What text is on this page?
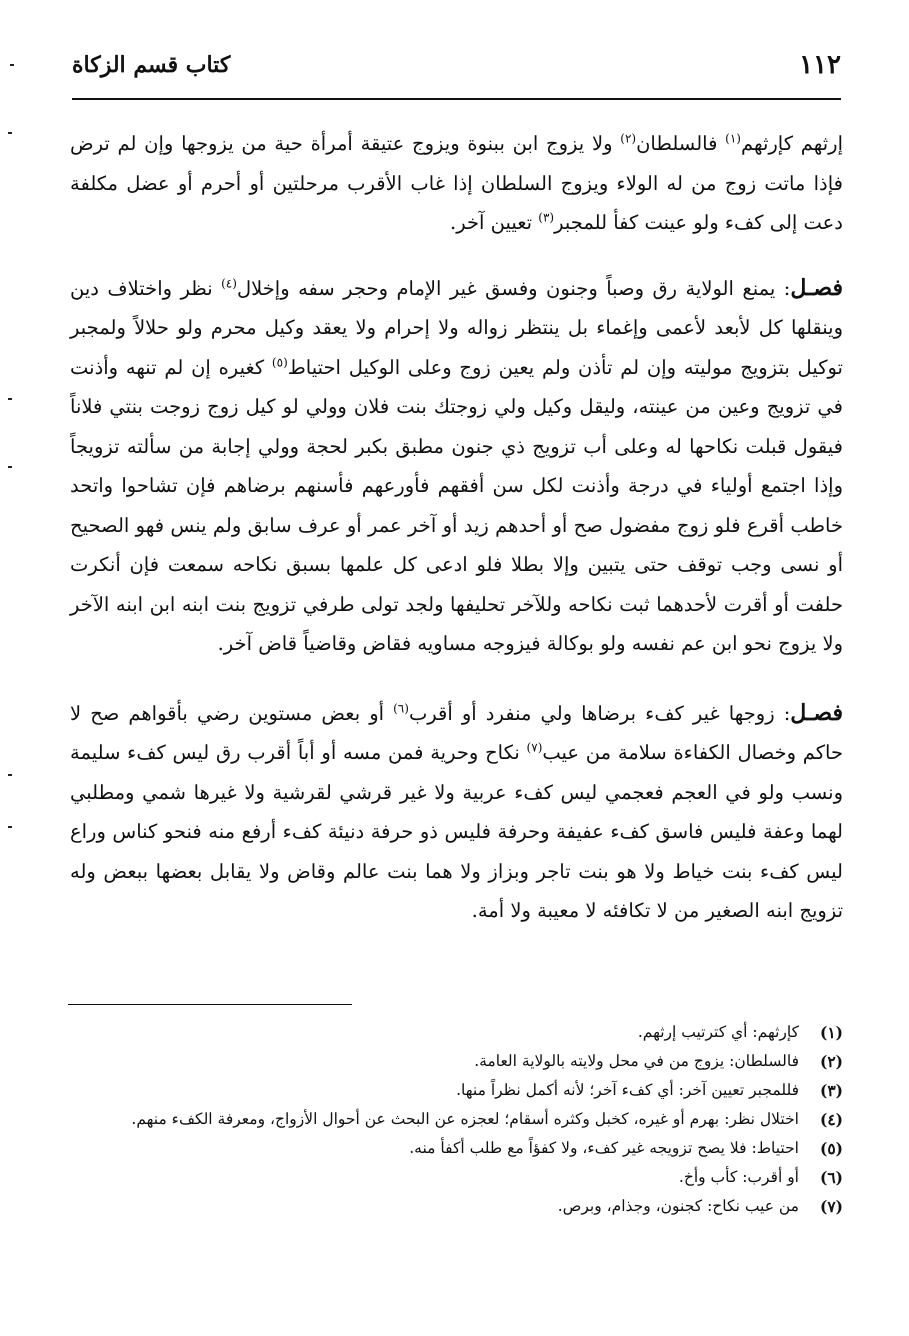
١١٢
كتاب قسم الزكاة

إرثهم كإرثهم$^{(١)}$ فالسلطان$^{(٢)}$ ولا يزوج ابن ببنوة ويزوج عتيقة أمرأة حية من يزوجها وإن لم ترض فإذا ماتت زوج من له الولاء ويزوج السلطان إذا غاب الأقرب مرحلتين أو أحرم أو عضل مكلفة دعت إلى كفء ولو عينت كفأ للمجبر$^{(٣)}$ تعيين آخر.

فصـل: يمنع الولاية رق وصباً وجنون وفسق غير الإمام وحجر سفه وإخلال$^{(٤)}$ نظر واختلاف دين وينقلها كل لأبعد لأعمى وإغماء بل ينتظر زواله ولا إحرام ولا يعقد وكيل محرم ولو حلالاً ولمجبر توكيل بتزويج موليته وإن لم تأذن ولم يعين زوج وعلى الوكيل احتياط$^{(٥)}$ كغيره إن لم تنهه وأذنت في تزويج وعين من عينته، وليقل وكيل ولي زوجتك بنت فلان وولي لو كيل زوج زوجت بنتي فلاناً فيقول قبلت نكاحها له وعلى أب تزويج ذي جنون مطبق بكبر لحجة وولي إجابة من سألته تزويجاً وإذا اجتمع أولياء في درجة وأذنت لكل سن أفقهم فأورعهم فأسنهم برضاهم فإن تشاحوا واتحد خاطب أقرع فلو زوج مفضول صح أو أحدهم زيد أو آخر عمر أو عرف سابق ولم ينس فهو الصحيح أو نسى وجب توقف حتى يتبين وإلا بطلا فلو ادعى كل علمها بسبق نكاحه سمعت فإن أنكرت حلفت أو أقرت لأحدهما ثبت نكاحه وللآخر تحليفها ولجد تولى طرفي تزويج بنت ابنه ابن ابنه الآخر ولا يزوج نحو ابن عم نفسه ولو بوكالة فيزوجه مساويه فقاض وقاضياً قاض آخر.

فصـل: زوجها غير كفء برضاها ولي منفرد أو أقرب$^{(٦)}$ أو بعض مستوين رضي بأقواهم صح لا حاكم وخصال الكفاءة سلامة من عيب$^{(٧)}$ نكاح وحرية فمن مسه أو أباً أقرب رق ليس كفء سليمة ونسب ولو في العجم فعجمي ليس كفء عربية ولا غير قرشي لقرشية ولا غيرها شمي ومطلبي لهما وعفة فليس فاسق كفء عفيفة وحرفة فليس ذو حرفة دنيئة كفء أرفع منه فنحو كناس وراع ليس كفء بنت خياط ولا هو بنت تاجر وبزاز ولا هما بنت عالم وقاض ولا يقابل بعضها ببعض وله تزويج ابنه الصغير من لا تكافئه لا معيبة ولا أمة.

(١)
كإرثهم: أي كترتيب إرثهم.
(٢)
فالسلطان: يزوج من في محل ولايته بالولاية العامة.
(٣)
فللمجبر تعيين آخر: أي كفء آخر؛ لأنه أكمل نظراً منها.
(٤)
اختلال نظر: بهرم أو غيره، كخبل وكثره أسقام؛ لعجزه عن البحث عن أحوال الأزواج، ومعرفة الكفء منهم.
(٥)
احتياط: فلا يصح تزويجه غير كفء، ولا كفؤاً مع طلب أكفأ منه.
(٦)
أو أقرب: كأب وأخ.
(٧)
من عيب نكاح: كجنون، وجذام، وبرص.
